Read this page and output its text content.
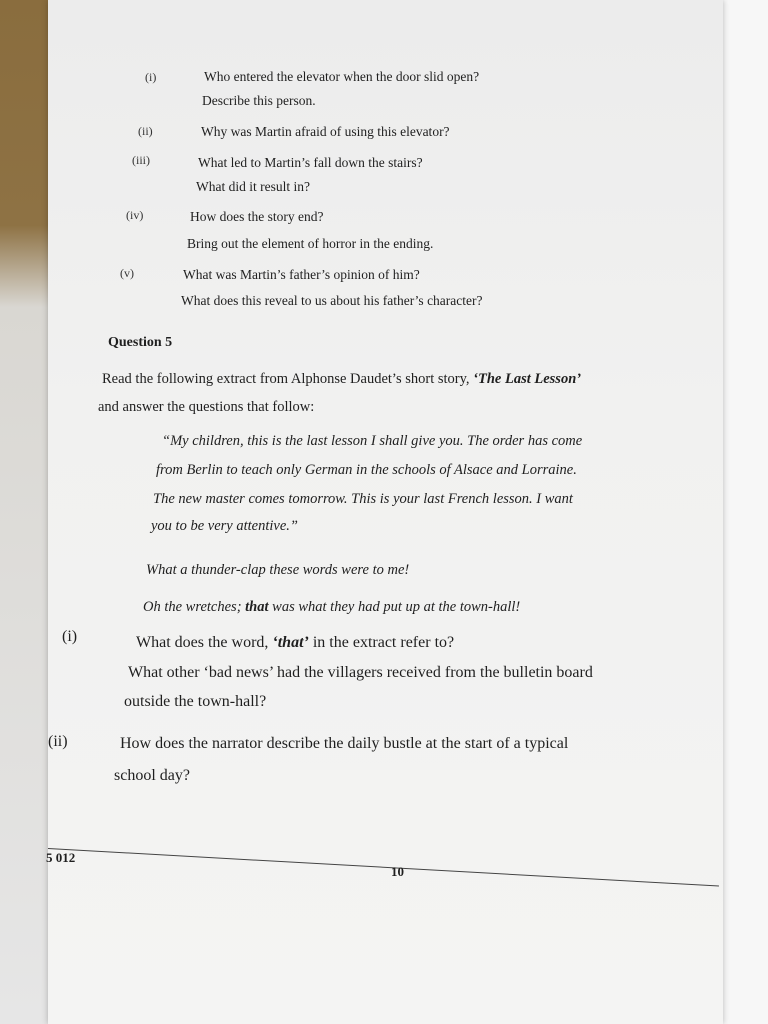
(i)	Who entered the elevator when the door slid open?
Describe this person.
(ii)	Why was Martin afraid of using this elevator?
(iii)	What led to Martin’s fall down the stairs?
What did it result in?
(iv)	How does the story end?
Bring out the element of horror in the ending.
(v)	What was Martin’s father’s opinion of him?
What does this reveal to us about his father’s character?
Question 5
Read the following extract from Alphonse Daudet’s short story, ‘The Last Lesson’
and answer the questions that follow:
“My children, this is the last lesson I shall give you. The order has come
from Berlin to teach only German in the schools of Alsace and Lorraine.
The new master comes tomorrow. This is your last French lesson. I want
you to be very attentive.”
What a thunder-clap these words were to me!
Oh the wretches; that was what they had put up at the town-hall!
(i)	What does the word, ‘that’ in the extract refer to?
What other ‘bad news’ had the villagers received from the bulletin board
outside the town-hall?
(ii)	How does the narrator describe the daily bustle at the start of a typical
school day?
5 012
10
